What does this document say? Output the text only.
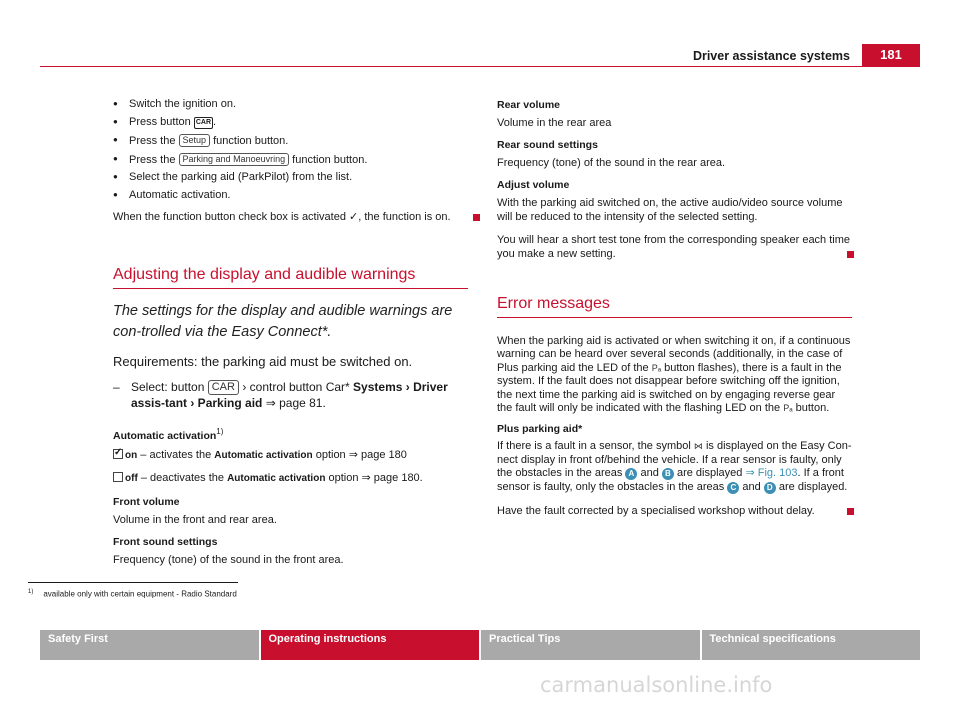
Driver assistance systems	181
● Switch the ignition on.
● Press button CAR .
● Press the Setup function button.
● Press the Parking and Manoeuvring function button.
● Select the parking aid (ParkPilot) from the list.
● Automatic activation.

When the function button check box is activated ✓, the function is on.

Adjusting the display and audible warnings

The settings for the display and audible warnings are con-trolled via the Easy Connect*.

Requirements: the parking aid must be switched on.

– Select: button CAR › control button Car* Systems › Driver assis-tant › Parking aid ⇒ page 81.

Automatic activation$^{1)}$

✓on – activates the Automatic activation option ⇒ page 180

off – deactivates the Automatic activation option ⇒ page 180.

Front volume

Volume in the front and rear area.

Front sound settings

Frequency (tone) of the sound in the front area.

Rear volume

Volume in the rear area

Rear sound settings

Frequency (tone) of the sound in the rear area.

Adjust volume

With the parking aid switched on, the active audio/video source volume will be reduced to the intensity of the selected setting.

You will hear a short test tone from the corresponding speaker each time you make a new setting.

Error messages

When the parking aid is activated or when switching it on, if a continuous warning can be heard over several seconds (additionally, in the case of Plus parking aid the LED of the P⁠ₐ button flashes), there is a fault in the system. If the fault does not disappear before switching off the ignition, the next time the parking aid is switched on by engaging reverse gear the fault will only be indicated with the flashing LED on the P⁠ₐ button.

Plus parking aid*

If there is a fault in a sensor, the symbol ⋈ is displayed on the Easy Con-nect display in front of/behind the vehicle. If a rear sensor is faulty, only the obstacles in the areas A and B are displayed ⇒ Fig. 103. If a front sensor is faulty, only the obstacles in the areas C and D are displayed.

Have the fault corrected by a specialised workshop without delay.

$^{1)}$ available only with certain equipment - Radio Standard
Safety First	Operating instructions	Practical Tips	Technical specifications
carmanualsonline.info
